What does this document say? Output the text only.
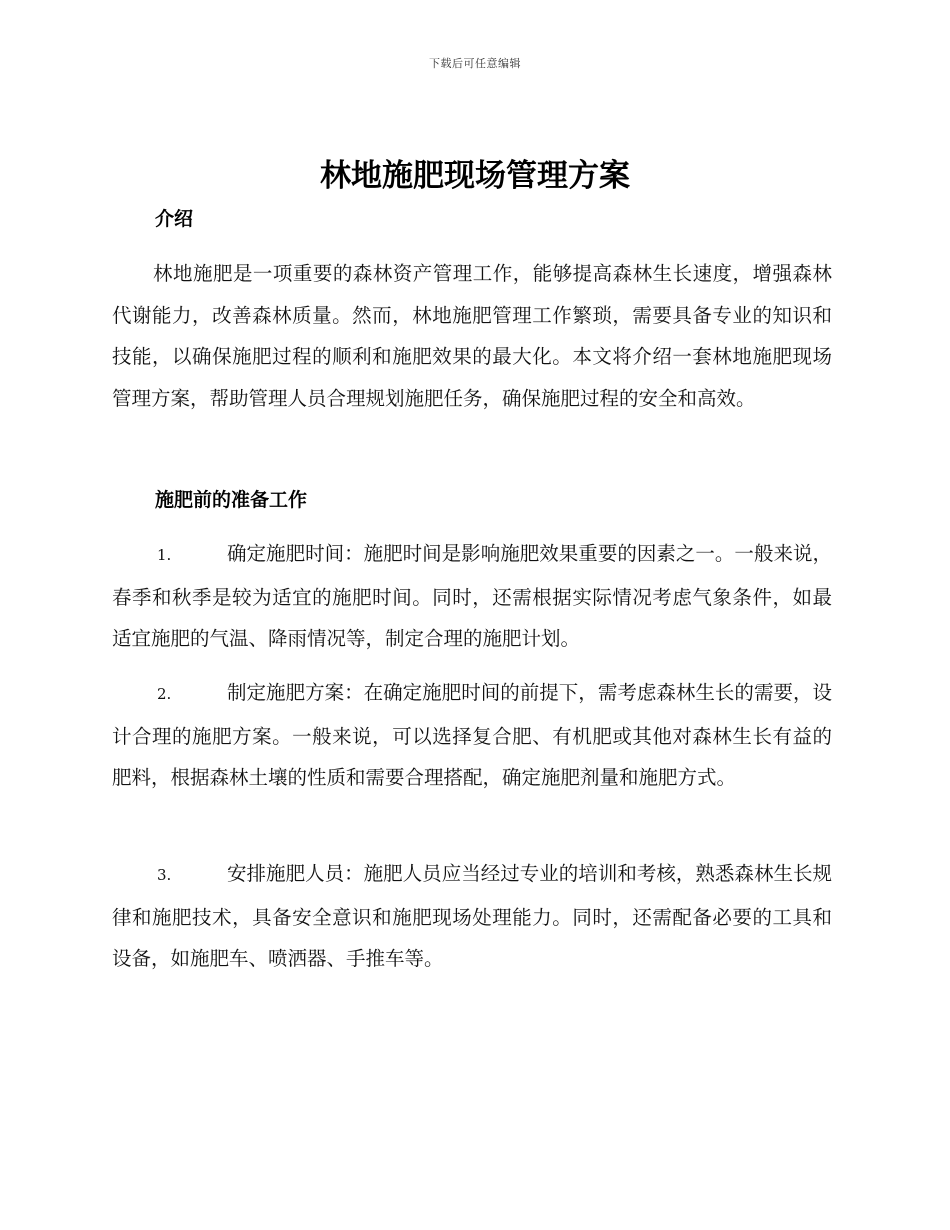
下载后可任意编辑
林地施肥现场管理方案
介绍

林地施肥是一项重要的森林资产管理工作，能够提高森林生长速度，增强森林代谢能力，改善森林质量。然而，林地施肥管理工作繁琐，需要具备专业的知识和技能，以确保施肥过程的顺利和施肥效果的最大化。本文将介绍一套林地施肥现场管理方案，帮助管理人员合理规划施肥任务，确保施肥过程的安全和高效。

施肥前的准备工作

1.	确定施肥时间：施肥时间是影响施肥效果重要的因素之一。一般来说，春季和秋季是较为适宜的施肥时间。同时，还需根据实际情况考虑气象条件，如最适宜施肥的气温、降雨情况等，制定合理的施肥计划。

2.	制定施肥方案：在确定施肥时间的前提下，需考虑森林生长的需要，设计合理的施肥方案。一般来说，可以选择复合肥、有机肥或其他对森林生长有益的肥料，根据森林土壤的性质和需要合理搭配，确定施肥剂量和施肥方式。

3.	安排施肥人员：施肥人员应当经过专业的培训和考核，熟悉森林生长规律和施肥技术，具备安全意识和施肥现场处理能力。同时，还需配备必要的工具和设备，如施肥车、喷洒器、手推车等。
